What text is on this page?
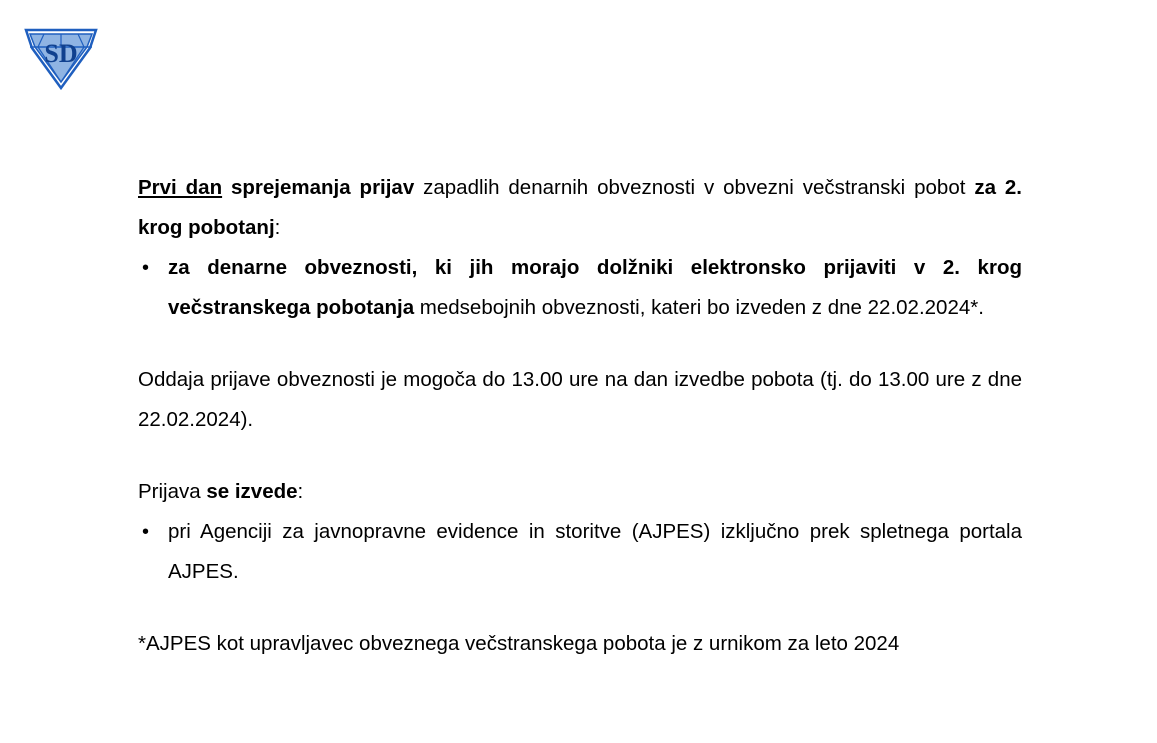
SD

Prvi dan sprejemanja prijav zapadlih denarnih obveznosti v obvezni večstranski pobot za 2. krog pobotanj:

• za denarne obveznosti, ki jih morajo dolžniki elektronsko prijaviti v 2. krog večstranskega pobotanja medsebojnih obveznosti, kateri bo izveden z dne 22.02.2024*.

Oddaja prijave obveznosti je mogoča do 13.00 ure na dan izvedbe pobota (tj. do 13.00 ure z dne 22.02.2024).

Prijava se izvede:

• pri Agenciji za javnopravne evidence in storitve (AJPES) izključno prek spletnega portala AJPES.

*AJPES kot upravljavec obveznega večstranskega pobota je z urnikom za leto 2024
